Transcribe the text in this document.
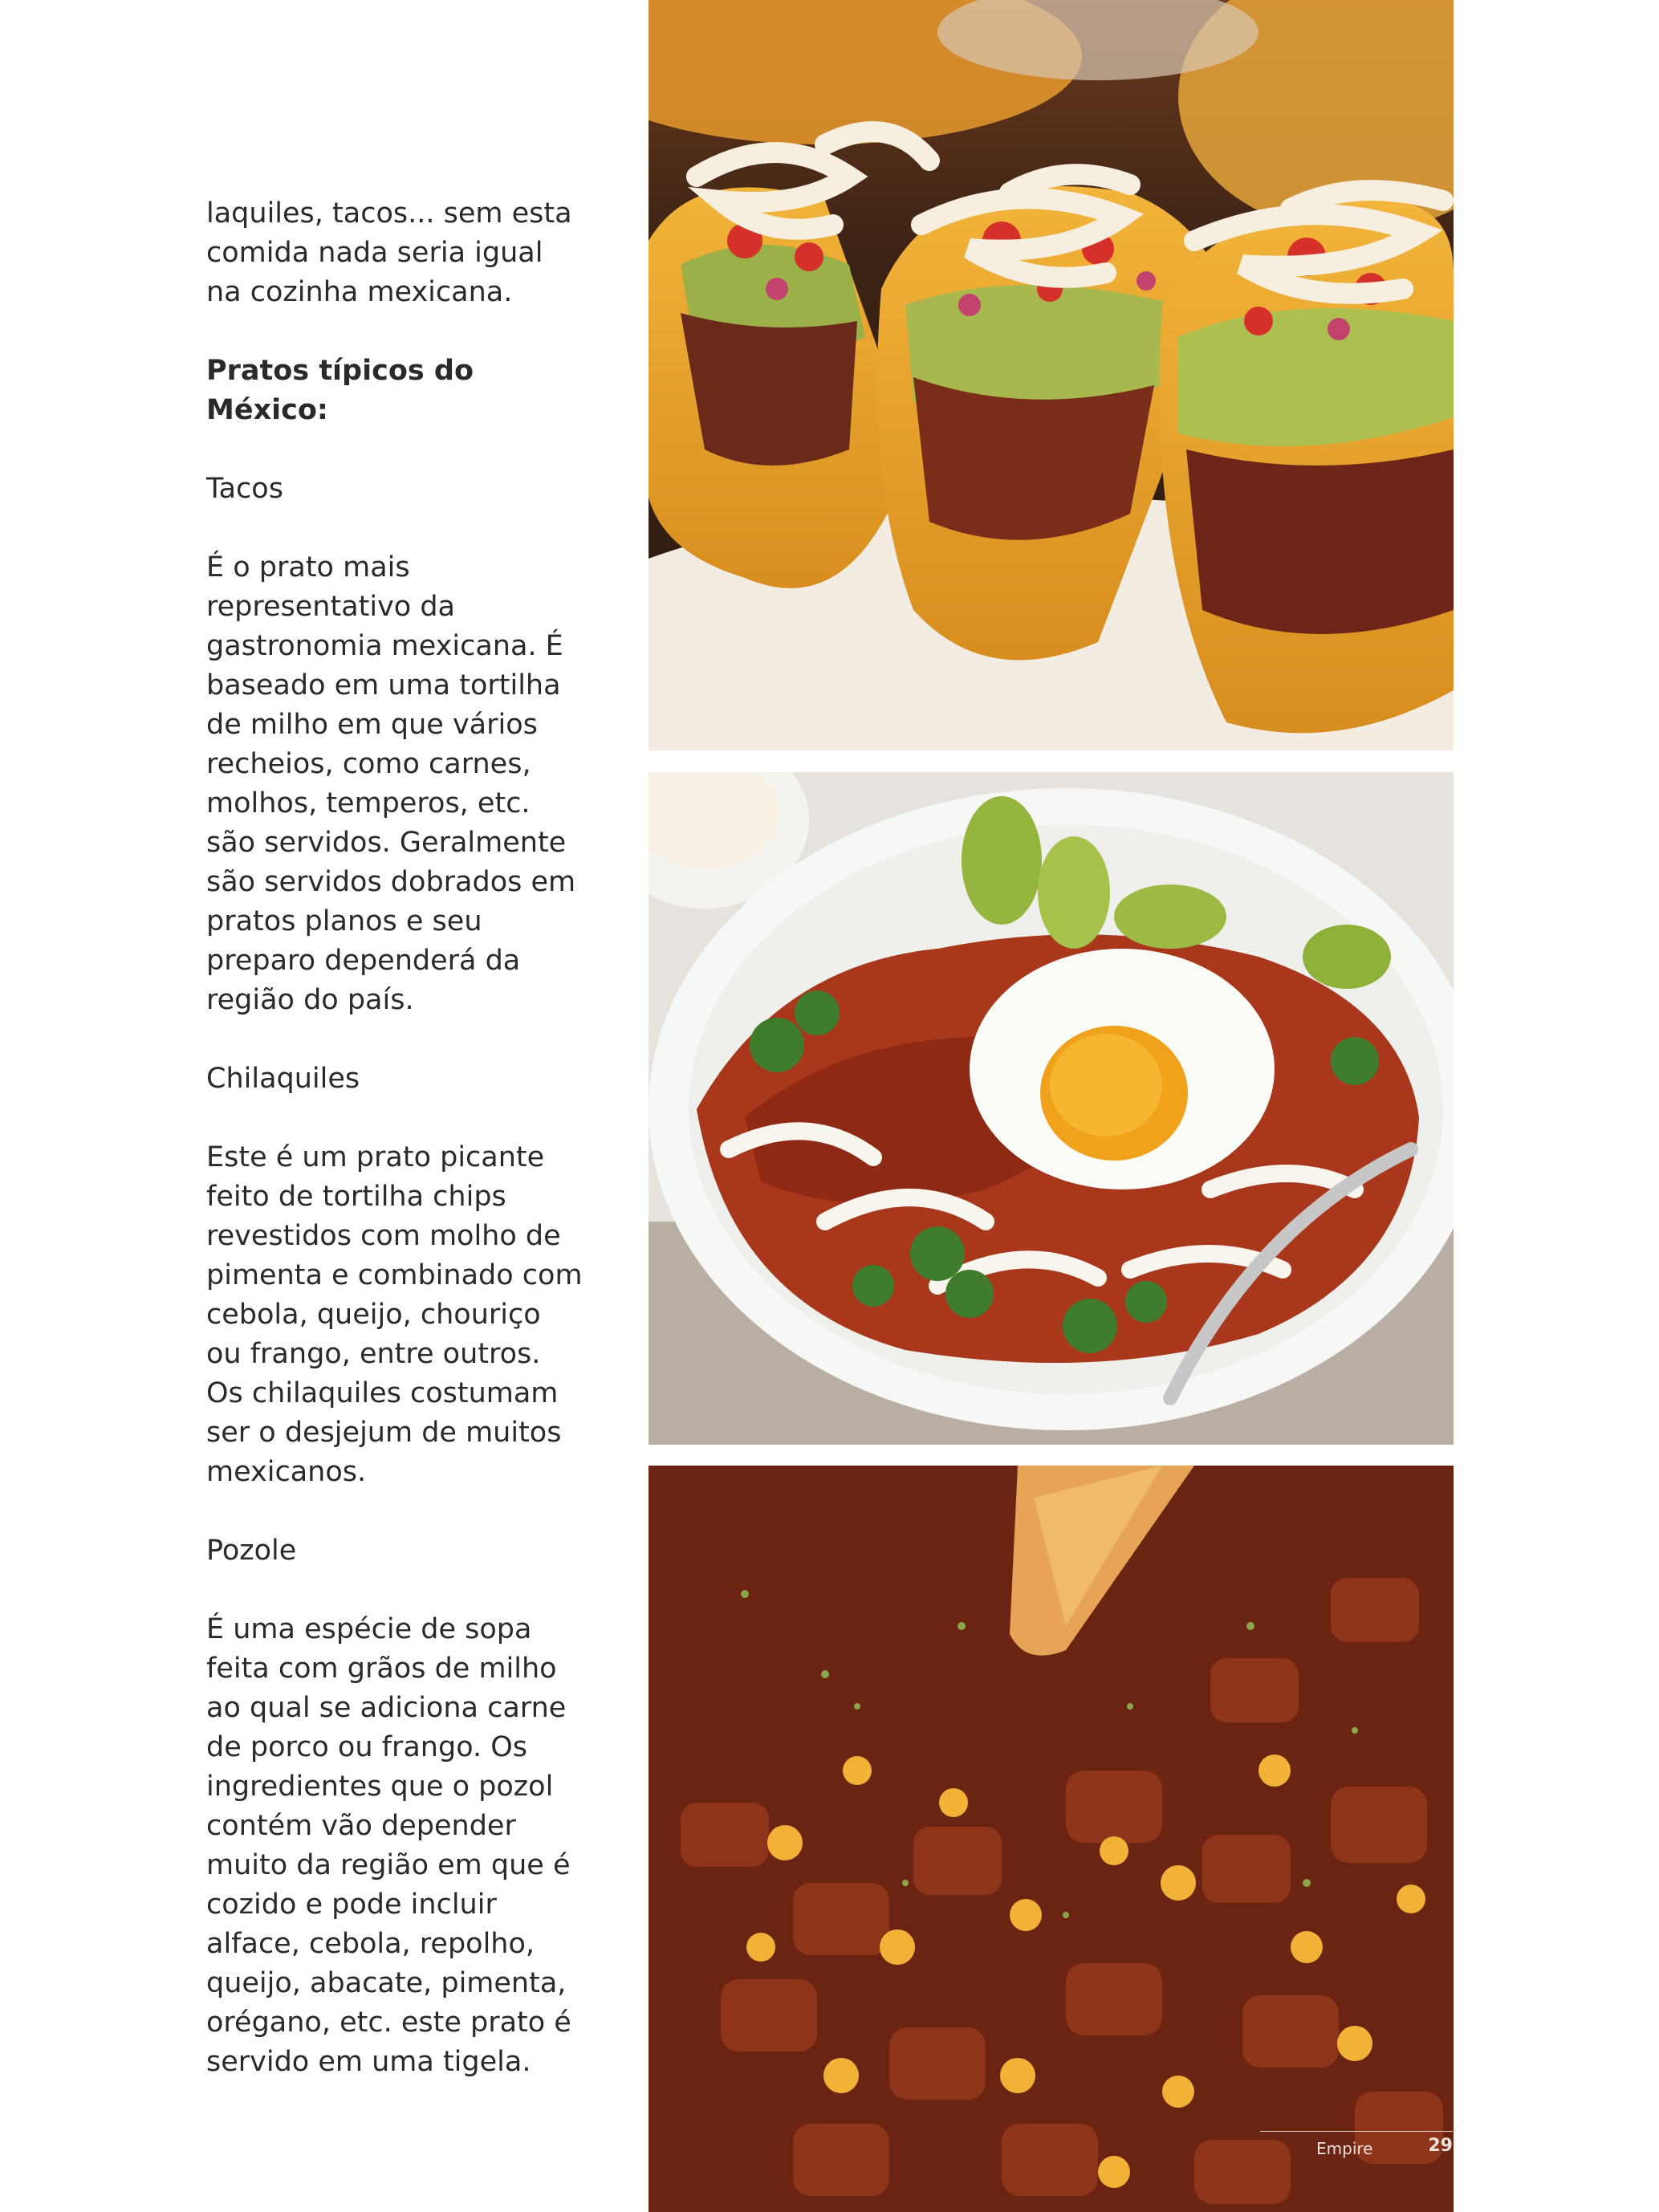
laquiles, tacos... sem esta comida nada seria igual na cozinha mexicana.

Pratos típicos do México:

Tacos

É o prato mais representativo da gastronomia mexicana. É baseado em uma tortilha de milho em que vários recheios, como carnes, molhos, temperos, etc. são servidos. Geralmente são servidos dobrados em pratos planos e seu preparo dependerá da região do país.

Chilaquiles

Este é um prato picante feito de tortilha chips revestidos com molho de pimenta e combinado com cebola, queijo, chouriço ou frango, entre outros. Os chilaquiles costumam ser o desjejum de muitos mexicanos.

Pozole

É uma espécie de sopa feita com grãos de milho ao qual se adiciona carne de porco ou frango. Os ingredientes que o pozol contém vão depender muito da região em que é cozido e pode incluir alface, cebola, repolho, queijo, abacate, pimenta, orégano, etc. este prato é servido em uma tigela.

Empire	29
